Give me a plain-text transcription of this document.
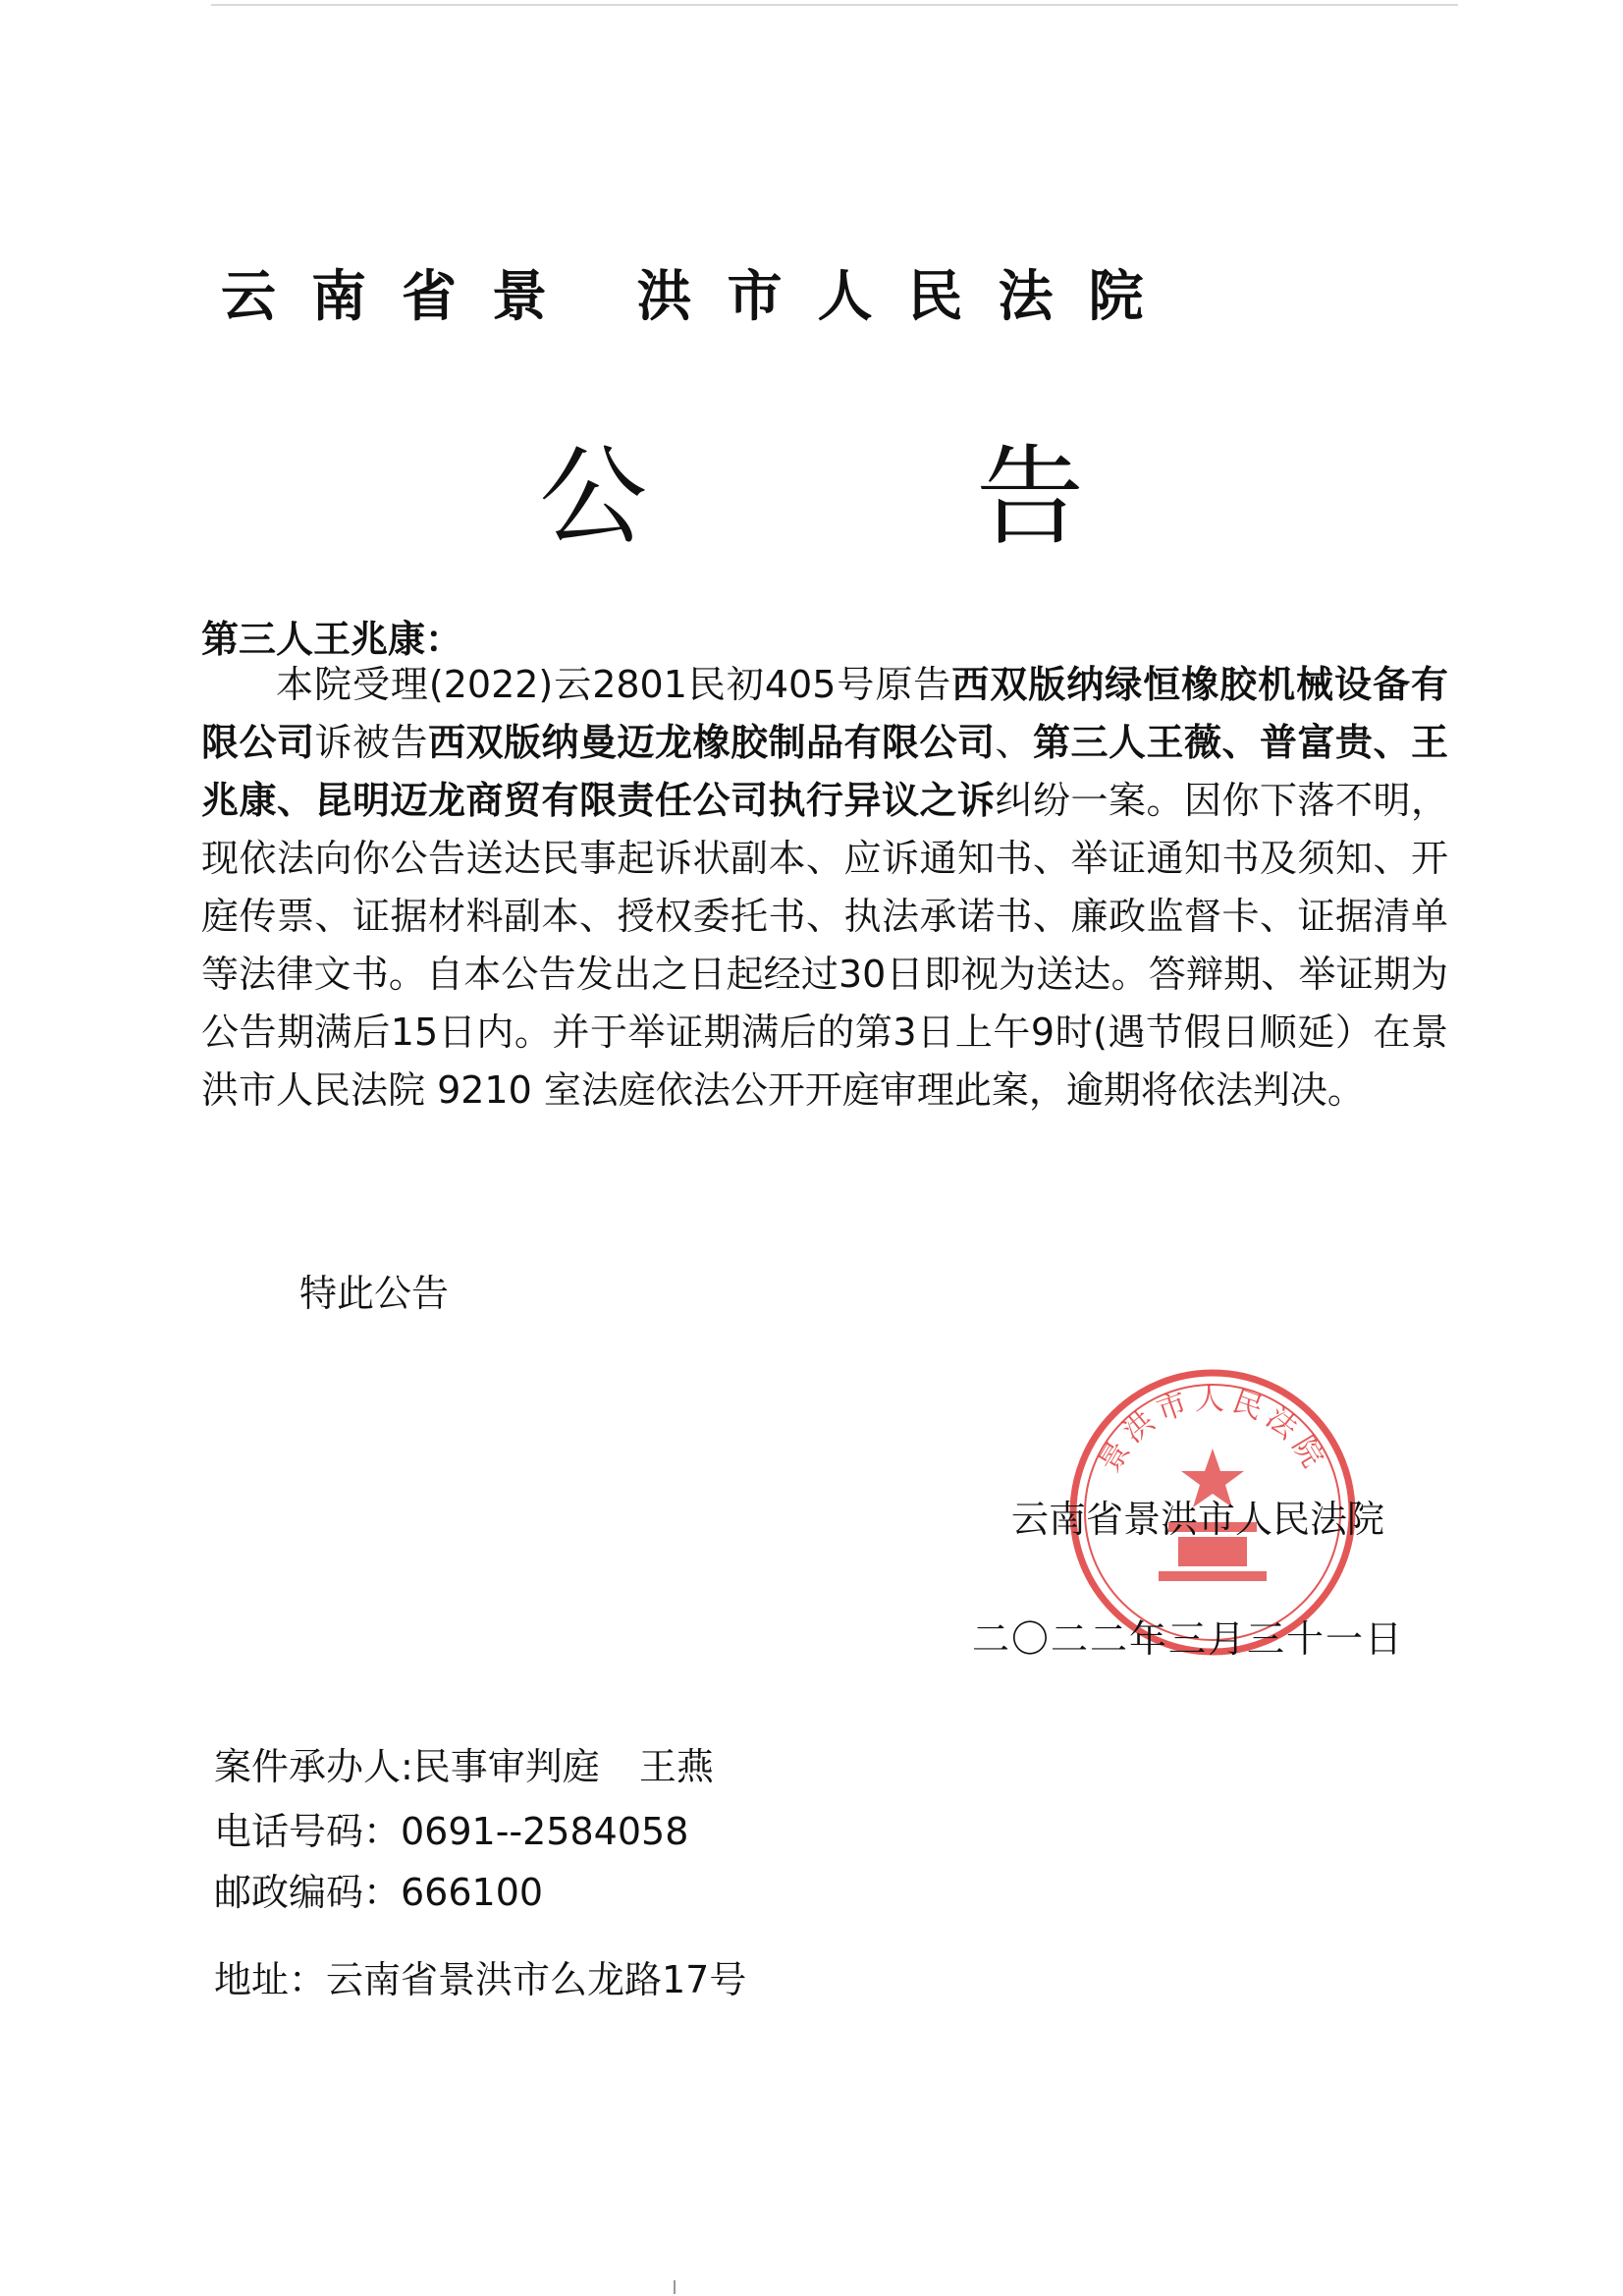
云南省景 洪市人民法院
公 告
第三人王兆康：
本院受理(2022)云2801民初405号原告西双版纳绿恒橡胶机械设备有限公司诉被告西双版纳曼迈龙橡胶制品有限公司、第三人王薇、普富贵、王兆康、昆明迈龙商贸有限责任公司执行异议之诉纠纷一案。因你下落不明，现依法向你公告送达民事起诉状副本、应诉通知书、举证通知书及须知、开庭传票、证据材料副本、授权委托书、执法承诺书、廉政监督卡、证据清单等法律文书。自本公告发出之日起经过30日即视为送达。答辩期、举证期为公告期满后15日内。并于举证期满后的第3日上午9时(遇节假日顺延）在景洪市人民法院 9210 室法庭依法公开开庭审理此案，逾期将依法判决。
特此公告
景洪市人民法院
云南省景洪市人民法院
二〇二二年三月三十一日
案件承办人:民事审判庭 王燕
电话号码：0691--2584058
邮政编码：666100
地址：云南省景洪市么龙路17号
